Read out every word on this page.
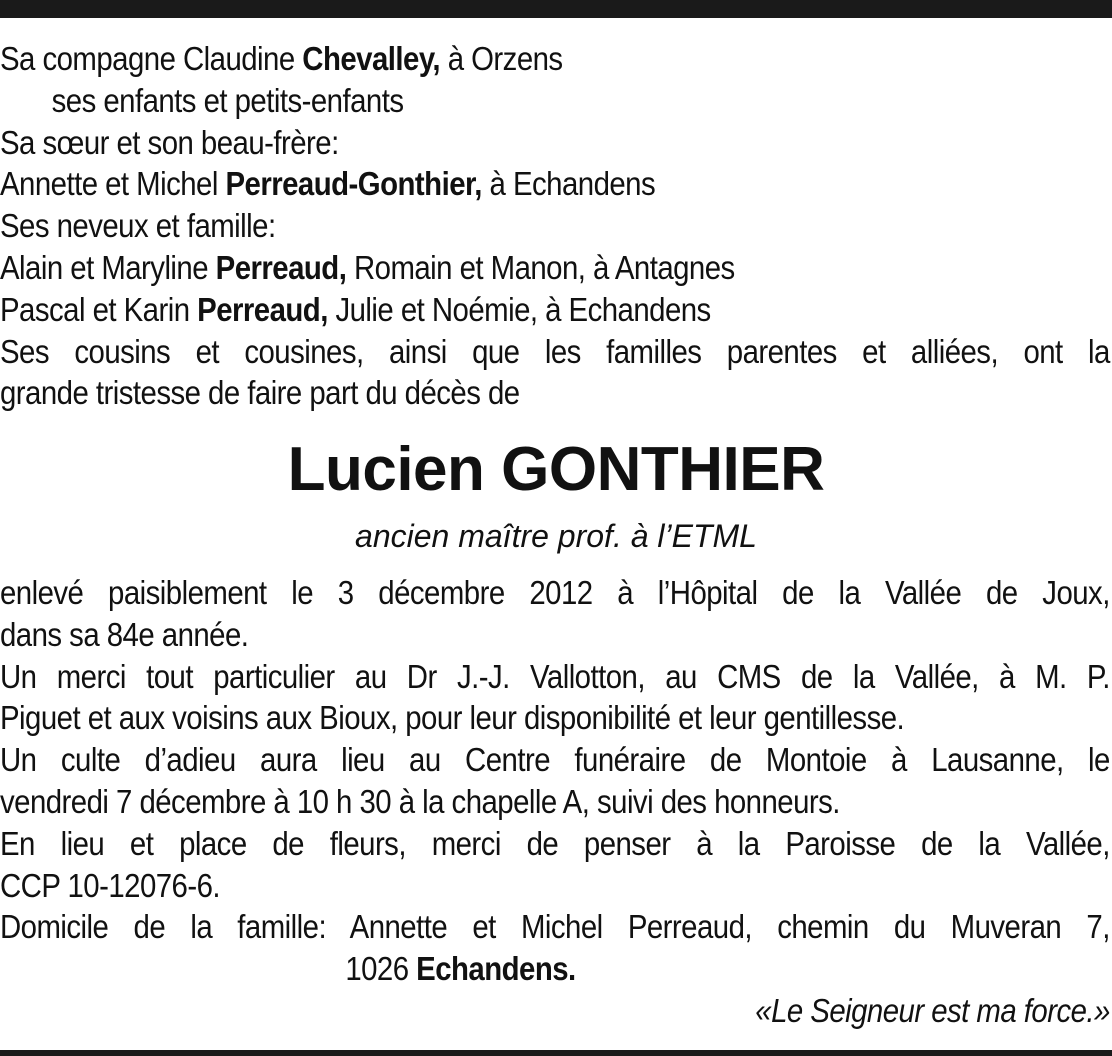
Sa compagne Claudine Chevalley, à Orzens
ses enfants et petits-enfants
Sa sœur et son beau-frère:
Annette et Michel Perreaud-Gonthier, à Echandens
Ses neveux et famille:
Alain et Maryline Perreaud, Romain et Manon, à Antagnes
Pascal et Karin Perreaud, Julie et Noémie, à Echandens
Ses cousins et cousines, ainsi que les familles parentes et alliées, ont la
grande tristesse de faire part du décès de
Lucien GONTHIER
ancien maître prof. à l’ETML
enlevé paisiblement le 3 décembre 2012 à l’Hôpital de la Vallée de Joux,
dans sa 84e année.
Un merci tout particulier au Dr J.-J. Vallotton, au CMS de la Vallée, à M. P.
Piguet et aux voisins aux Bioux, pour leur disponibilité et leur gentillesse.
Un culte d’adieu aura lieu au Centre funéraire de Montoie à Lausanne, le
vendredi 7 décembre à 10 h 30 à la chapelle A, suivi des honneurs.
En lieu et place de fleurs, merci de penser à la Paroisse de la Vallée,
CCP 10-12076-6.
Domicile de la famille: Annette et Michel Perreaud, chemin du Muveran 7,
1026 Echandens.
«Le Seigneur est ma force.»
